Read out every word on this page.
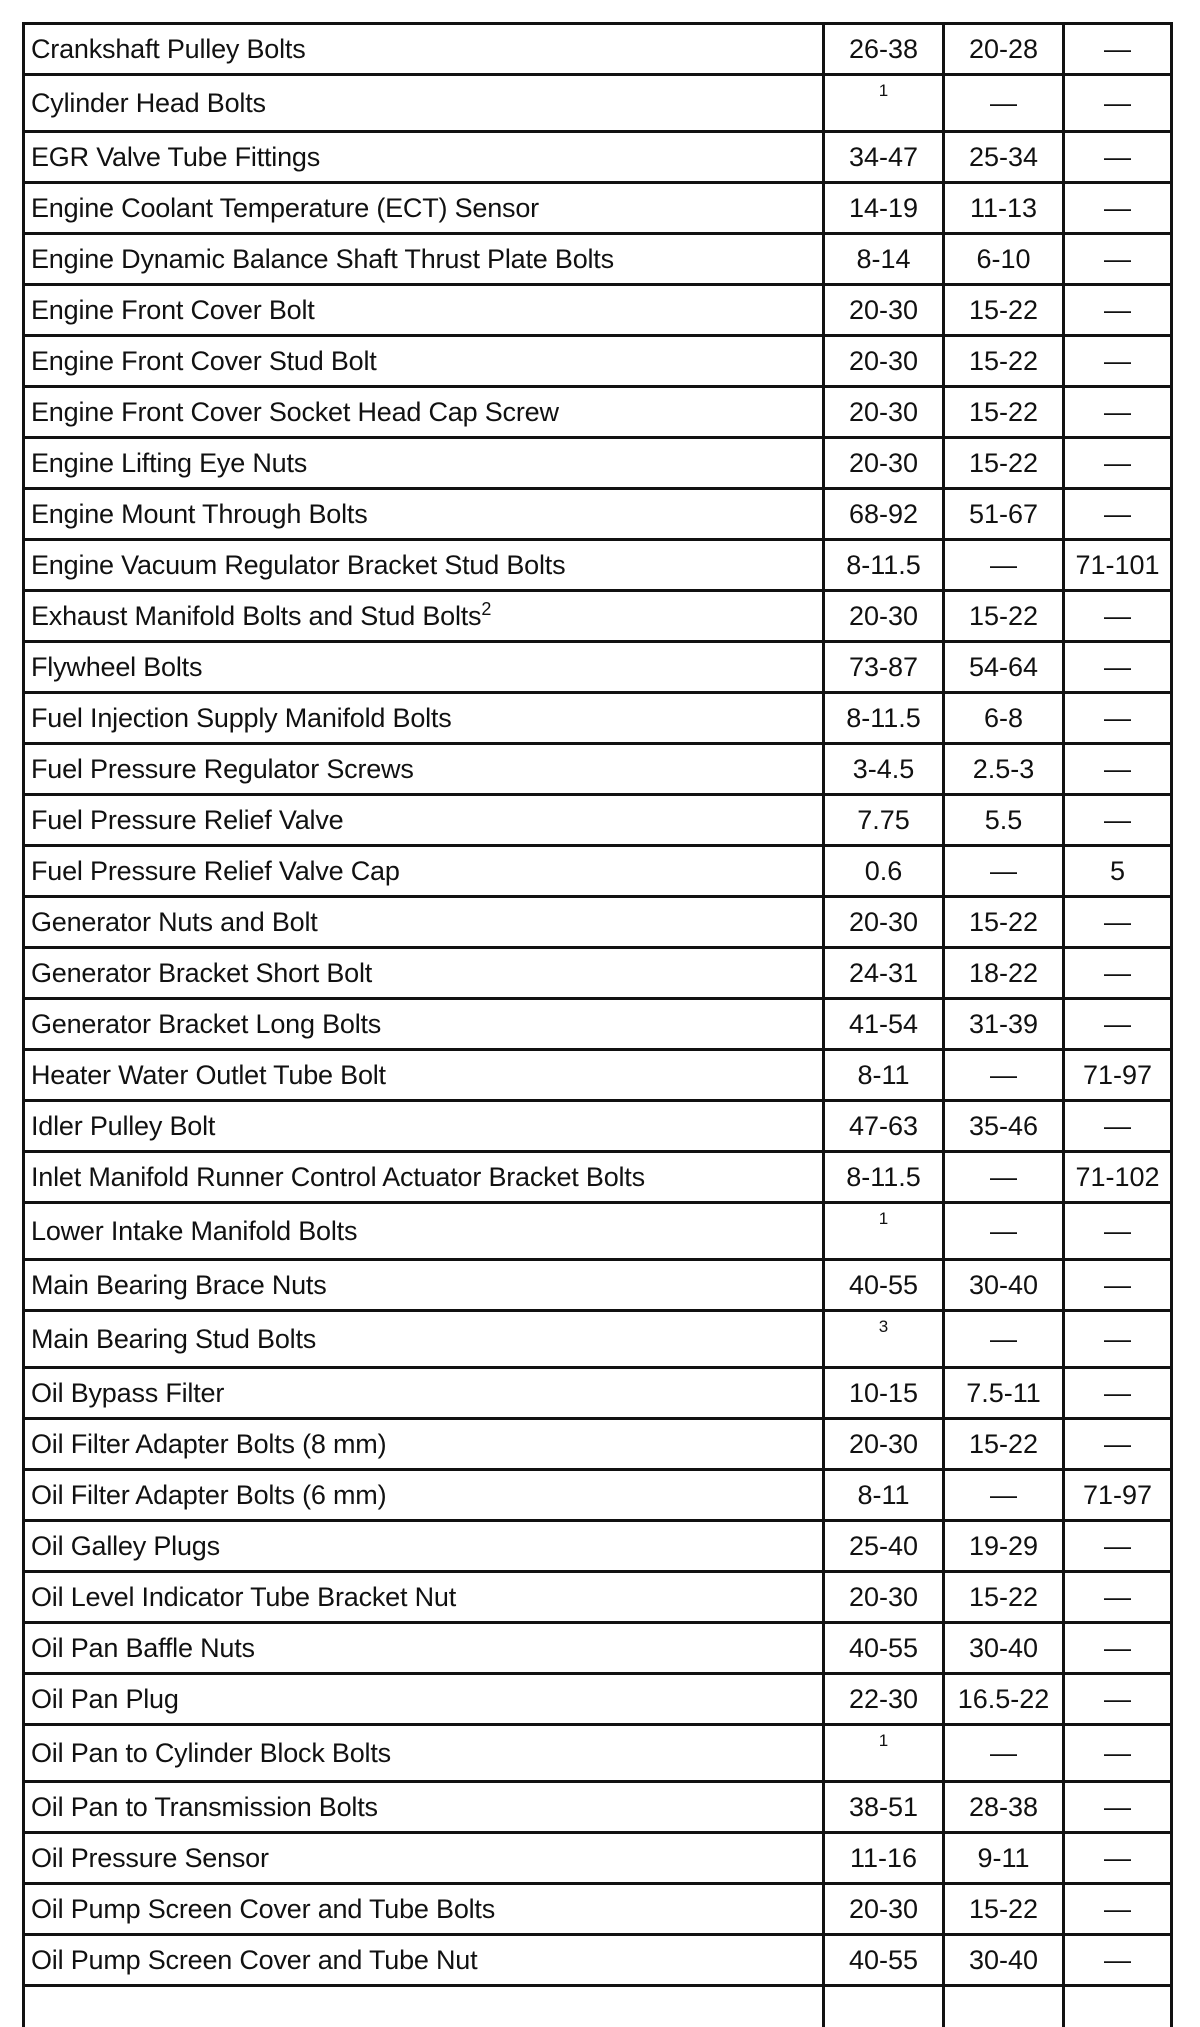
Crankshaft Pulley Bolts	26-38	20-28	—
Cylinder Head Bolts	1	—	—
EGR Valve Tube Fittings	34-47	25-34	—
Engine Coolant Temperature (ECT) Sensor	14-19	11-13	—
Engine Dynamic Balance Shaft Thrust Plate Bolts	8-14	6-10	—
Engine Front Cover Bolt	20-30	15-22	—
Engine Front Cover Stud Bolt	20-30	15-22	—
Engine Front Cover Socket Head Cap Screw	20-30	15-22	—
Engine Lifting Eye Nuts	20-30	15-22	—
Engine Mount Through Bolts	68-92	51-67	—
Engine Vacuum Regulator Bracket Stud Bolts	8-11.5	—	71-101
Exhaust Manifold Bolts and Stud Bolts$^2$	20-30	15-22	—
Flywheel Bolts	73-87	54-64	—
Fuel Injection Supply Manifold Bolts	8-11.5	6-8	—
Fuel Pressure Regulator Screws	3-4.5	2.5-3	—
Fuel Pressure Relief Valve	7.75	5.5	—
Fuel Pressure Relief Valve Cap	0.6	—	5
Generator Nuts and Bolt	20-30	15-22	—
Generator Bracket Short Bolt	24-31	18-22	—
Generator Bracket Long Bolts	41-54	31-39	—
Heater Water Outlet Tube Bolt	8-11	—	71-97
Idler Pulley Bolt	47-63	35-46	—
Inlet Manifold Runner Control Actuator Bracket Bolts	8-11.5	—	71-102
Lower Intake Manifold Bolts	1	—	—
Main Bearing Brace Nuts	40-55	30-40	—
Main Bearing Stud Bolts	3	—	—
Oil Bypass Filter	10-15	7.5-11	—
Oil Filter Adapter Bolts (8 mm)	20-30	15-22	—
Oil Filter Adapter Bolts (6 mm)	8-11	—	71-97
Oil Galley Plugs	25-40	19-29	—
Oil Level Indicator Tube Bracket Nut	20-30	15-22	—
Oil Pan Baffle Nuts	40-55	30-40	—
Oil Pan Plug	22-30	16.5-22	—
Oil Pan to Cylinder Block Bolts	1	—	—
Oil Pan to Transmission Bolts	38-51	28-38	—
Oil Pressure Sensor	11-16	9-11	—
Oil Pump Screen Cover and Tube Bolts	20-30	15-22	—
Oil Pump Screen Cover and Tube Nut	40-55	30-40	—
